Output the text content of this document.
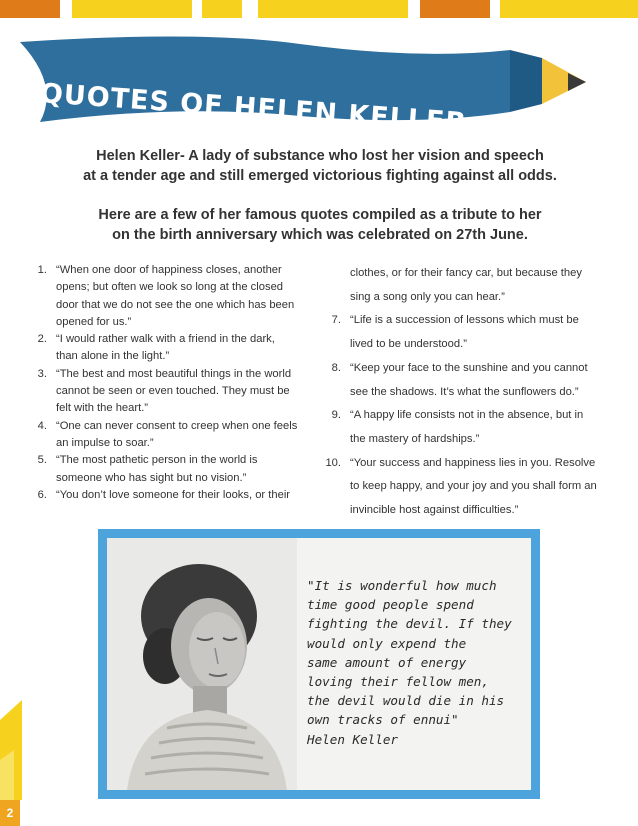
QUOTES OF HELEN KELLER
Helen Keller- A lady of substance who lost her vision and speech
at a tender age and still emerged victorious fighting against all odds.
Here are a few of her famous quotes compiled as a tribute to her
on the birth anniversary which was celebrated on 27th June.
1. “When one door of happiness closes, another
opens; but often we look so long at the closed
door that we do not see the one which has been
opened for us.”
2. “I would rather walk with a friend in the dark,
than alone in the light.”
3. “The best and most beautiful things in the world
cannot be seen or even touched. They must be
felt with the heart.”
4. “One can never consent to creep when one feels
an impulse to soar.”
5. “The most pathetic person in the world is
someone who has sight but no vision.”
6. “You don’t love someone for their looks, or their
clothes, or for their fancy car, but because they
sing a song only you can hear.”
7. “Life is a succession of lessons which must be
lived to be understood.”
8. “Keep your face to the sunshine and you cannot
see the shadows. It’s what the sunflowers do.”
9. “A happy life consists not in the absence, but in
the mastery of hardships.”
10. “Your success and happiness lies in you. Resolve
to keep happy, and your joy and you shall form an
invincible host against difficulties.”
"It is wonderful how much
time good people spend
fighting the devil. If they
would only expend the
same amount of energy
loving their fellow men,
the devil would die in his
own tracks of ennui"
Helen Keller
2
